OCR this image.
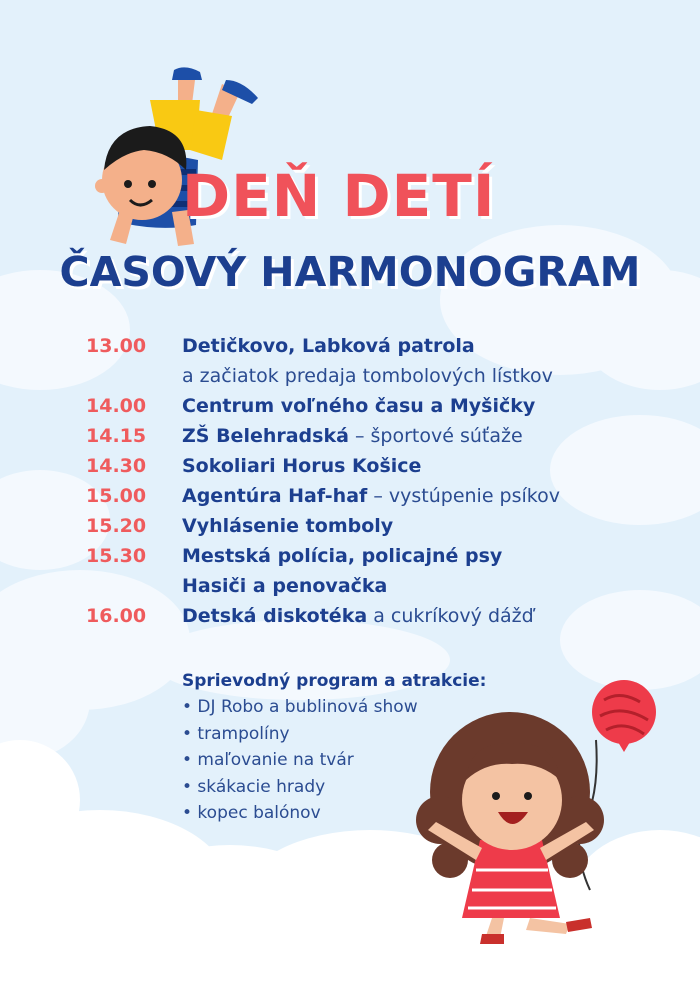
DEŇ DETÍ
ČASOVÝ HARMONOGRAM
13.00 Detičkovo, Labková patrola
a začiatok predaja tombolových lístkov
14.00 Centrum voľného času a Myšičky
14.15 ZŠ Belehradská – športové súťaže
14.30 Sokoliari Horus Košice
15.00 Agentúra Haf-haf – vystúpenie psíkov
15.20 Vyhlásenie tomboly
15.30 Mestská polícia, policajné psy
Hasiči a penovačka
16.00 Detská diskotéka a cukríkový dážď
Sprievodný program a atrakcie:
• DJ Robo a bublinová show
• trampolíny
• maľovanie na tvár
• skákacie hrady
• kopec balónov
